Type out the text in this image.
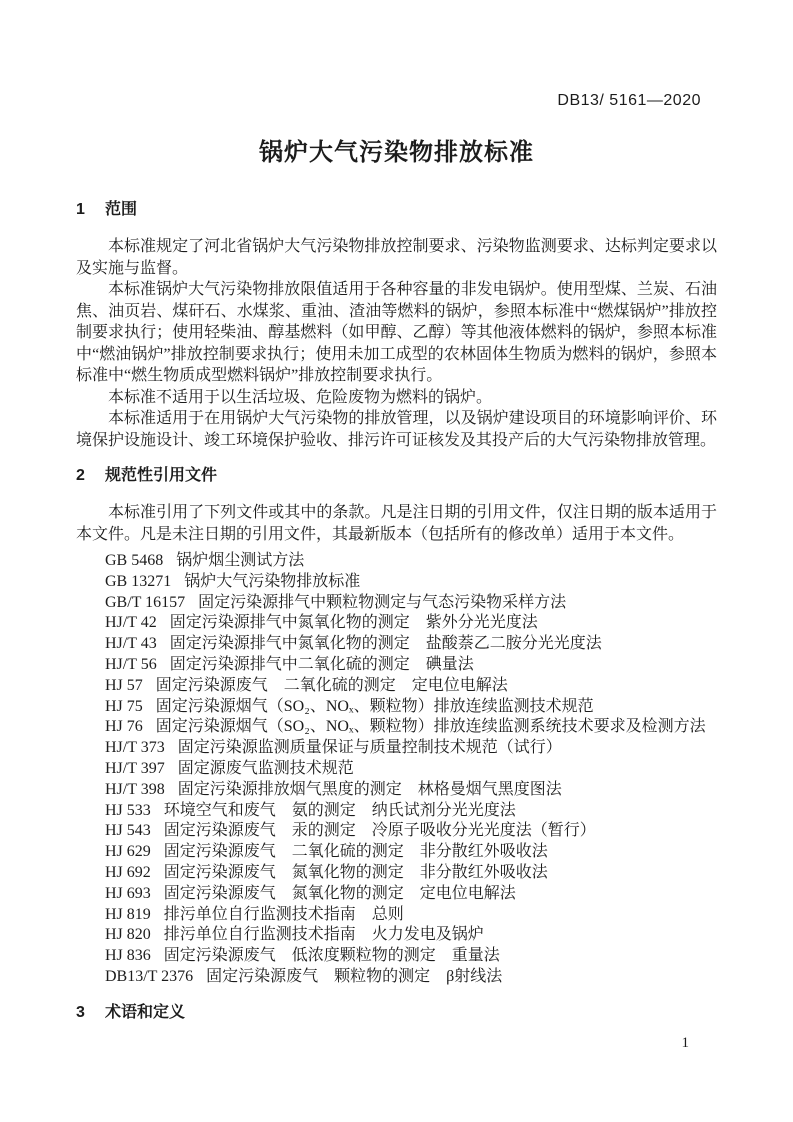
DB13/ 5161—2020
锅炉大气污染物排放标准
1 范围

本标准规定了河北省锅炉大气污染物排放控制要求、污染物监测要求、达标判定要求以及实施与监督。

本标准锅炉大气污染物排放限值适用于各种容量的非发电锅炉。使用型煤、兰炭、石油焦、油页岩、煤矸石、水煤浆、重油、渣油等燃料的锅炉，参照本标准中“燃煤锅炉”排放控制要求执行；使用轻柴油、醇基燃料（如甲醇、乙醇）等其他液体燃料的锅炉，参照本标准中“燃油锅炉”排放控制要求执行；使用未加工成型的农林固体生物质为燃料的锅炉，参照本标准中“燃生物质成型燃料锅炉”排放控制要求执行。

本标准不适用于以生活垃圾、危险废物为燃料的锅炉。

本标准适用于在用锅炉大气污染物的排放管理，以及锅炉建设项目的环境影响评价、环境保护设施设计、竣工环境保护验收、排污许可证核发及其投产后的大气污染物排放管理。

2 规范性引用文件

本标准引用了下列文件或其中的条款。凡是注日期的引用文件，仅注日期的版本适用于本文件。凡是未注日期的引用文件，其最新版本（包括所有的修改单）适用于本文件。

GB 5468 锅炉烟尘测试方法
GB 13271 锅炉大气污染物排放标准
GB/T 16157 固定污染源排气中颗粒物测定与气态污染物采样方法
HJ/T 42 固定污染源排气中氮氧化物的测定　紫外分光光度法
HJ/T 43 固定污染源排气中氮氧化物的测定　盐酸萘乙二胺分光光度法
HJ/T 56 固定污染源排气中二氧化硫的测定　碘量法
HJ 57 固定污染源废气　二氧化硫的测定　定电位电解法
HJ 75 固定污染源烟气（SO₂、NOₓ、颗粒物）排放连续监测技术规范
HJ 76 固定污染源烟气（SO₂、NOₓ、颗粒物）排放连续监测系统技术要求及检测方法
HJ/T 373 固定污染源监测质量保证与质量控制技术规范（试行）
HJ/T 397 固定源废气监测技术规范
HJ/T 398 固定污染源排放烟气黑度的测定　林格曼烟气黑度图法
HJ 533 环境空气和废气　氨的测定　纳氏试剂分光光度法
HJ 543 固定污染源废气　汞的测定　冷原子吸收分光光度法（暂行）
HJ 629 固定污染源废气　二氧化硫的测定　非分散红外吸收法
HJ 692 固定污染源废气　氮氧化物的测定　非分散红外吸收法
HJ 693 固定污染源废气　氮氧化物的测定　定电位电解法
HJ 819 排污单位自行监测技术指南　总则
HJ 820 排污单位自行监测技术指南　火力发电及锅炉
HJ 836 固定污染源废气　低浓度颗粒物的测定　重量法
DB13/T 2376 固定污染源废气　颗粒物的测定　β射线法
3 术语和定义
1
